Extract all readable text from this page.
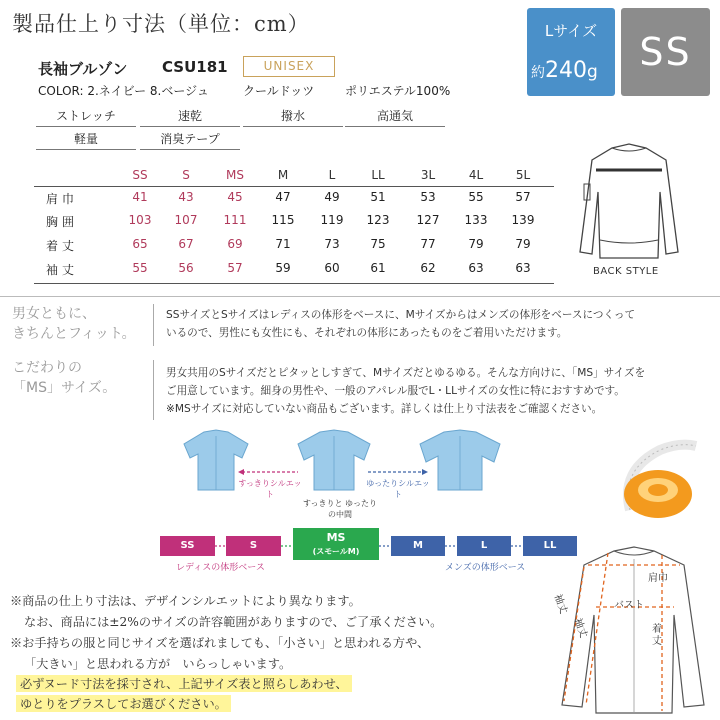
製品仕上り寸法（単位：cm）
長袖ブルゾン CSU181	UNISEX
COLOR: 2.ネイビー 8.ベージュ	クールドッツ	ポリエステル100%
ストレッチ	速乾	撥水	高通気
軽量	消臭テープ
Lサイズ
約240g	SS
SS	S	MS	M	L	LL	3L	4L	5L
肩巾	41	43	45	47	49	51	53	55	57
胸囲	103	107	111	115	119	123	127	133	139
着丈	65	67	69	71	73	75	77	79	79
袖丈	55	56	57	59	60	61	62	63	63	BACK STYLE
男女ともに、
きちんとフィット。
SSサイズとSサイズはレディスの体形をベースに、Mサイズからはメンズの体形をベースにつくって
いるので、男性にも女性にも、それぞれの体形にあったものをご着用いただけます。
こだわりの
「MS」サイズ。
男女共用のSサイズだとピタッとしすぎて、Mサイズだとゆるゆる。そんな方向けに、「MS」サイズを
ご用意しています。細身の男性や、一般のアパレル服でL・LLサイズの女性に特におすすめです。
※MSサイズに対応していない商品もございます。詳しくは仕上り寸法表をご確認ください。
すっきりシルエット
すっきりと ゆったりの中間
ゆったりシルエット
SS	S
MS
(スモールM)
M	L	LL
レディスの体形ベース	メンズの体形ベース
肩巾
バスト
着丈
袖丈
袖丈
※商品の仕上り寸法は、デザインシルエットにより異なります。
なお、商品には±2%のサイズの許容範囲がありますので、ご了承ください。
※お手持ちの服と同じサイズを選ばれましても、「小さい」と思われる方や、
「大きい」と思われる方が　いらっしゃいます。
必ずヌード寸法を採寸され、上記サイズ表と照らしあわせ、
ゆとりをプラスしてお選びください。
